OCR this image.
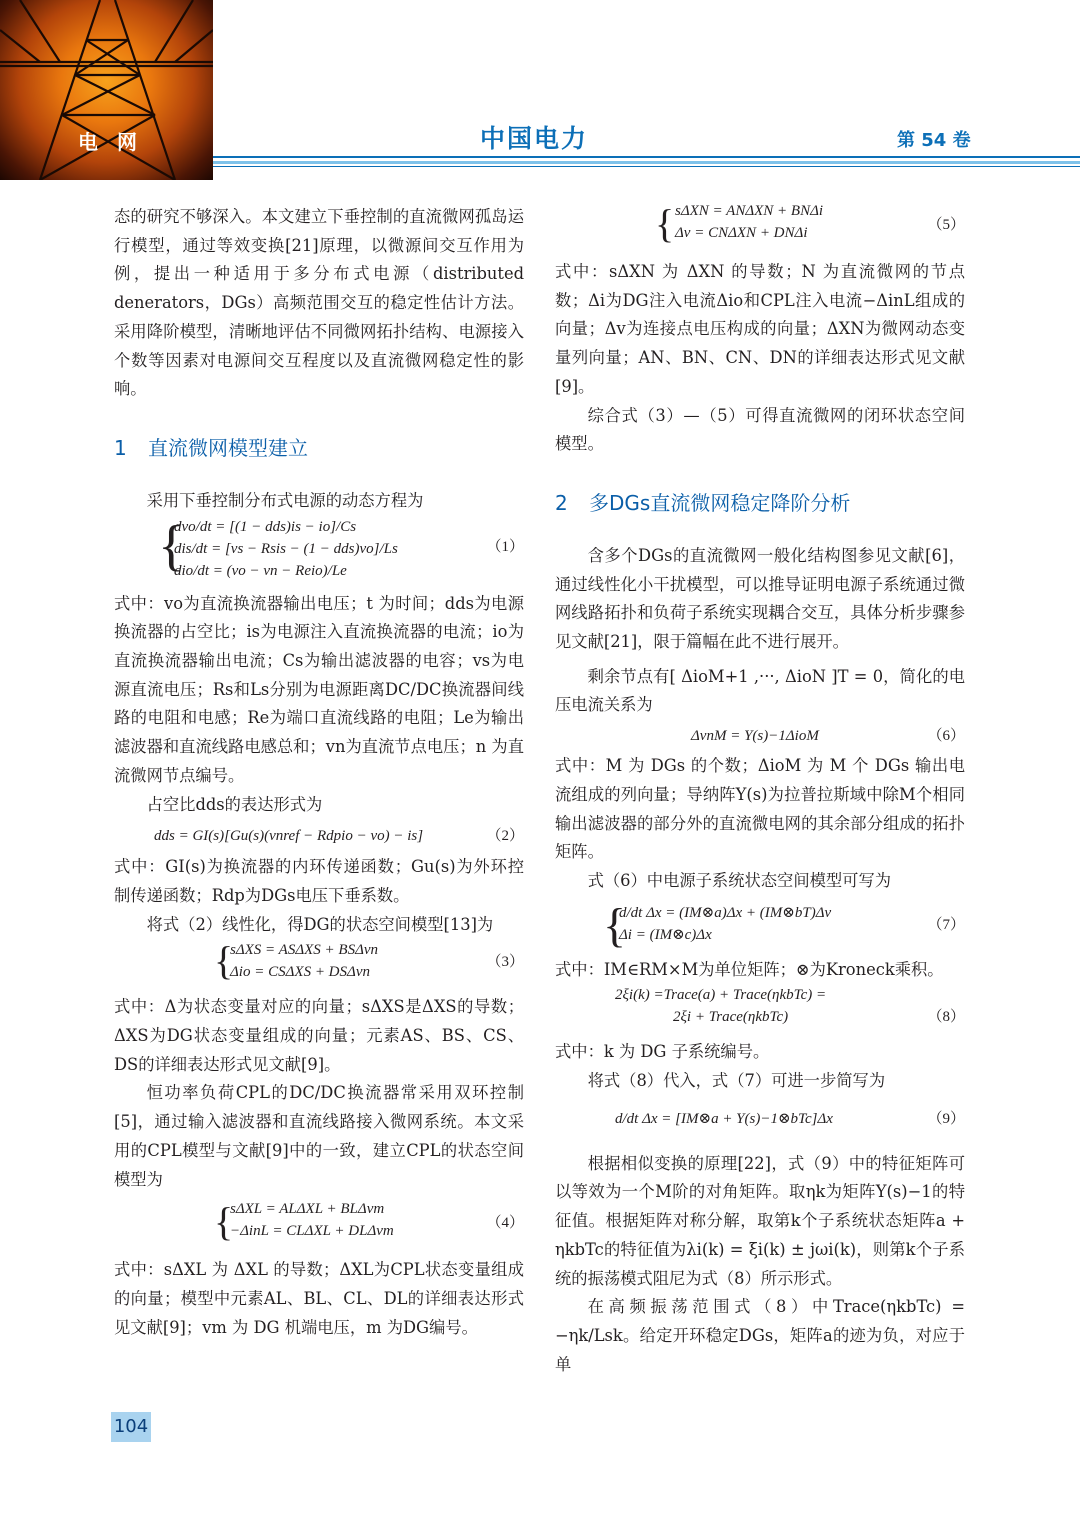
电 网	中国电力	第 54 卷

态的研究不够深入。本文建立下垂控制的直流微网孤岛运行模型，通过等效变换[21]原理，以微源间交互作用为例，提出一种适用于多分布式电源（distributed denerators，DGs）高频范围交互的稳定性估计方法。采用降阶模型，清晰地评估不同微网拓扑结构、电源接入个数等因素对电源间交互程度以及直流微网稳定性的影响。

1 直流微网模型建立

采用下垂控制分布式电源的动态方程为

{
dvo/dt = [(1 − dds)is − io]/Cs
dis/dt = [vs − Rsis − (1 − dds)vo]/Ls
dio/dt = (vo − vn − Reio)/Le
（1）

式中：vo为直流换流器输出电压；t 为时间；dds为电源换流器的占空比；is为电源注入直流换流器的电流；io为直流换流器输出电流；Cs为输出滤波器的电容；vs为电源直流电压；Rs和Ls分别为电源距离DC/DC换流器间线路的电阻和电感；Re为端口直流线路的电阻；Le为输出滤波器和直流线路电感总和；vn为直流节点电压；n 为直流微网节点编号。

占空比dds的表达形式为

dds = GI(s)[Gu(s)(vnref − Rdpio − vo) − is]	（2）

式中：GI(s)为换流器的内环传递函数；Gu(s)为外环控制传递函数；Rdp为DGs电压下垂系数。

将式（2）线性化，得DG的状态空间模型[13]为

{
sΔXS = ASΔXS + BSΔvn
Δio = CSΔXS + DSΔvn
（3）

式中：Δ为状态变量对应的向量；sΔXS是ΔXS的导数；ΔXS为DG状态变量组成的向量；元素AS、BS、CS、DS的详细表达形式见文献[9]。

恒功率负荷CPL的DC/DC换流器常采用双环控制[5]，通过输入滤波器和直流线路接入微网系统。本文采用的CPL模型与文献[9]中的一致，建立CPL的状态空间模型为

{
sΔXL = ALΔXL + BLΔvm
−ΔinL = CLΔXL + DLΔvm	（4）

式中：sΔXL 为 ΔXL 的导数；ΔXL为CPL状态变量组成的向量；模型中元素AL、BL、CL、DL的详细表达形式见文献[9]；vm 为 DG 机端电压，m 为DG编号。

{ sΔXN = ANΔXN + BNΔi
Δv = CNΔXN + DNΔi	（5）

式中：sΔXN 为 ΔXN 的导数；N 为直流微网的节点数；Δi为DG注入电流Δio和CPL注入电流−ΔinL组成的向量；Δv为连接点电压构成的向量；ΔXN为微网动态变量列向量；AN、BN、CN、DN的详细表达形式见文献[9]。

综合式（3）—（5）可得直流微网的闭环状态空间模型。

2 多DGs直流微网稳定降阶分析

含多个DGs的直流微网一般化结构图参见文献[6]，通过线性化小干扰模型，可以推导证明电源子系统通过微网线路拓扑和负荷子系统实现耦合交互，具体分析步骤参见文献[21]，限于篇幅在此不进行展开。

剩余节点有[ ΔioM+1 ,···, ΔioN ]T = 0，简化的电压电流关系为

ΔvnM = Y(s)−1ΔioM	（6）

式中：M 为 DGs 的个数；ΔioM 为 M 个 DGs 输出电流组成的列向量；导纳阵Y(s)为拉普拉斯域中除M个相同输出滤波器的部分外的直流微电网的其余部分组成的拓扑矩阵。

式（6）中电源子系统状态空间模型可写为

{
d/dt Δx = (IM⊗a)Δx + (IM⊗bT)Δv
Δi = (IM⊗c)Δx
（7）

式中：IM∈RM×M为单位矩阵；⊗为Kroneck乘积。

2ξi(k) =Trace(a) + Trace(ηkbTc) =
2ξi + Trace(ηkbTc)	（8）

式中：k 为 DG 子系统编号。

将式（8）代入，式（7）可进一步简写为

d/dt Δx = [IM⊗a + Y(s)−1⊗bTc]Δx	（9）

根据相似变换的原理[22]，式（9）中的特征矩阵可以等效为一个M阶的对角矩阵。取ηk为矩阵Y(s)−1的特征值。根据矩阵对称分解，取第k个子系统状态矩阵a + ηkbTc的特征值为λi(k) = ξi(k) ± jωi(k)，则第k个子系统的振荡模式阻尼为式（8）所示形式。

在高频振荡范围式（8）中Trace(ηkbTc) = −ηk/Lsk。给定开环稳定DGs，矩阵a的迹为负，对应于单

104
